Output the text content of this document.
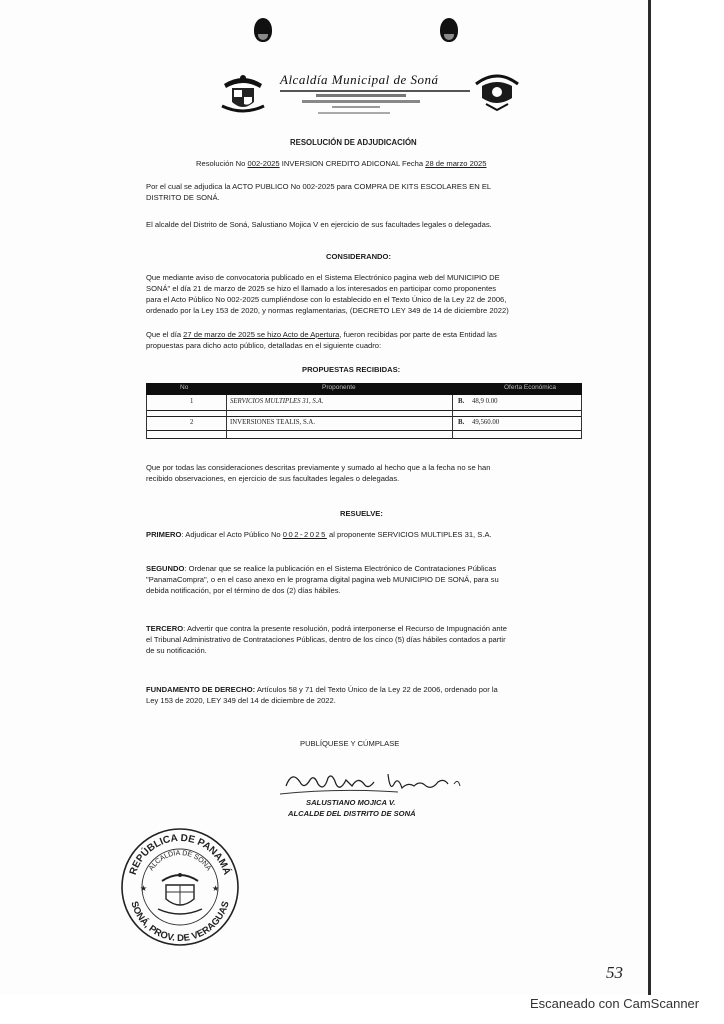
Alcaldía Municipal de Soná
RESOLUCIÓN DE ADJUDICACIÓN
Resolución No 002-2025 INVERSION CREDITO ADICONAL Fecha 28 de marzo 2025
Por el cual se adjudica la ACTO PUBLICO No 002-2025 para COMPRA DE KITS ESCOLARES EN EL
DISTRITO DE SONÁ.
El alcalde del Distrito de Soná, Salustiano Mojica V en ejercicio de sus facultades legales o delegadas.
CONSIDERANDO:
Que mediante aviso de convocatoria publicado en el Sistema Electrónico pagina web del MUNICIPIO DE
SONÁ" el día 21 de marzo de 2025 se hizo el llamado a los interesados en participar como proponentes
para el Acto Público No 002-2025 cumpliéndose con lo establecido en el Texto Único de la Ley 22 de 2006,
ordenado por la Ley 153 de 2020, y normas reglamentarias, (DECRETO LEY 349 de 14 de diciembre 2022)
Que el día 27 de marzo de 2025 se hizo Acto de Apertura, fueron recibidas por parte de esta Entidad las
propuestas para dicho acto público, detalladas en el siguiente cuadro:
PROPUESTAS RECIBIDAS:
No	Proponente	Oferta Económica
1	SERVICIOS MULTIPLES 31, S.A.	B. 48,9 0.00
2	INVERSIONES TEALIS, S.A.	B. 49,560.00
Que por todas las consideraciones descritas previamente y sumado al hecho que a la fecha no se han
recibido observaciones, en ejercicio de sus facultades legales o delegadas.
RESUELVE:
PRIMERO: Adjudicar el Acto Público No 002-2025 al proponente SERVICIOS MULTIPLES 31, S.A.
SEGUNDO: Ordenar que se realice la publicación en el Sistema Electrónico de Contrataciones Públicas
"PanamaCompra", o en el caso anexo en le programa digital pagina web MUNICIPIO DE SONÁ, para su
debida notificación, por el término de dos (2) días hábiles.
TERCERO: Advertir que contra la presente resolución, podrá interponerse el Recurso de Impugnación ante
el Tribunal Administrativo de Contrataciones Públicas, dentro de los cinco (5) días hábiles contados a partir
de su notificación.
FUNDAMENTO DE DERECHO: Artículos 58 y 71 del Texto Único de la Ley 22 de 2006, ordenado por la
Ley 153 de 2020, LEY 349 del 14 de diciembre de 2022.
PUBLÍQUESE Y CÚMPLASE
SALUSTIANO MOJICA V.
ALCALDE DEL DISTRITO DE SONÁ
REPÚBLICA DE PANAMÁ
ALCALDÍA DE SONÁ
SONÁ, PROV. DE VERAGUAS
★	★
53
Escaneado con CamScanner
